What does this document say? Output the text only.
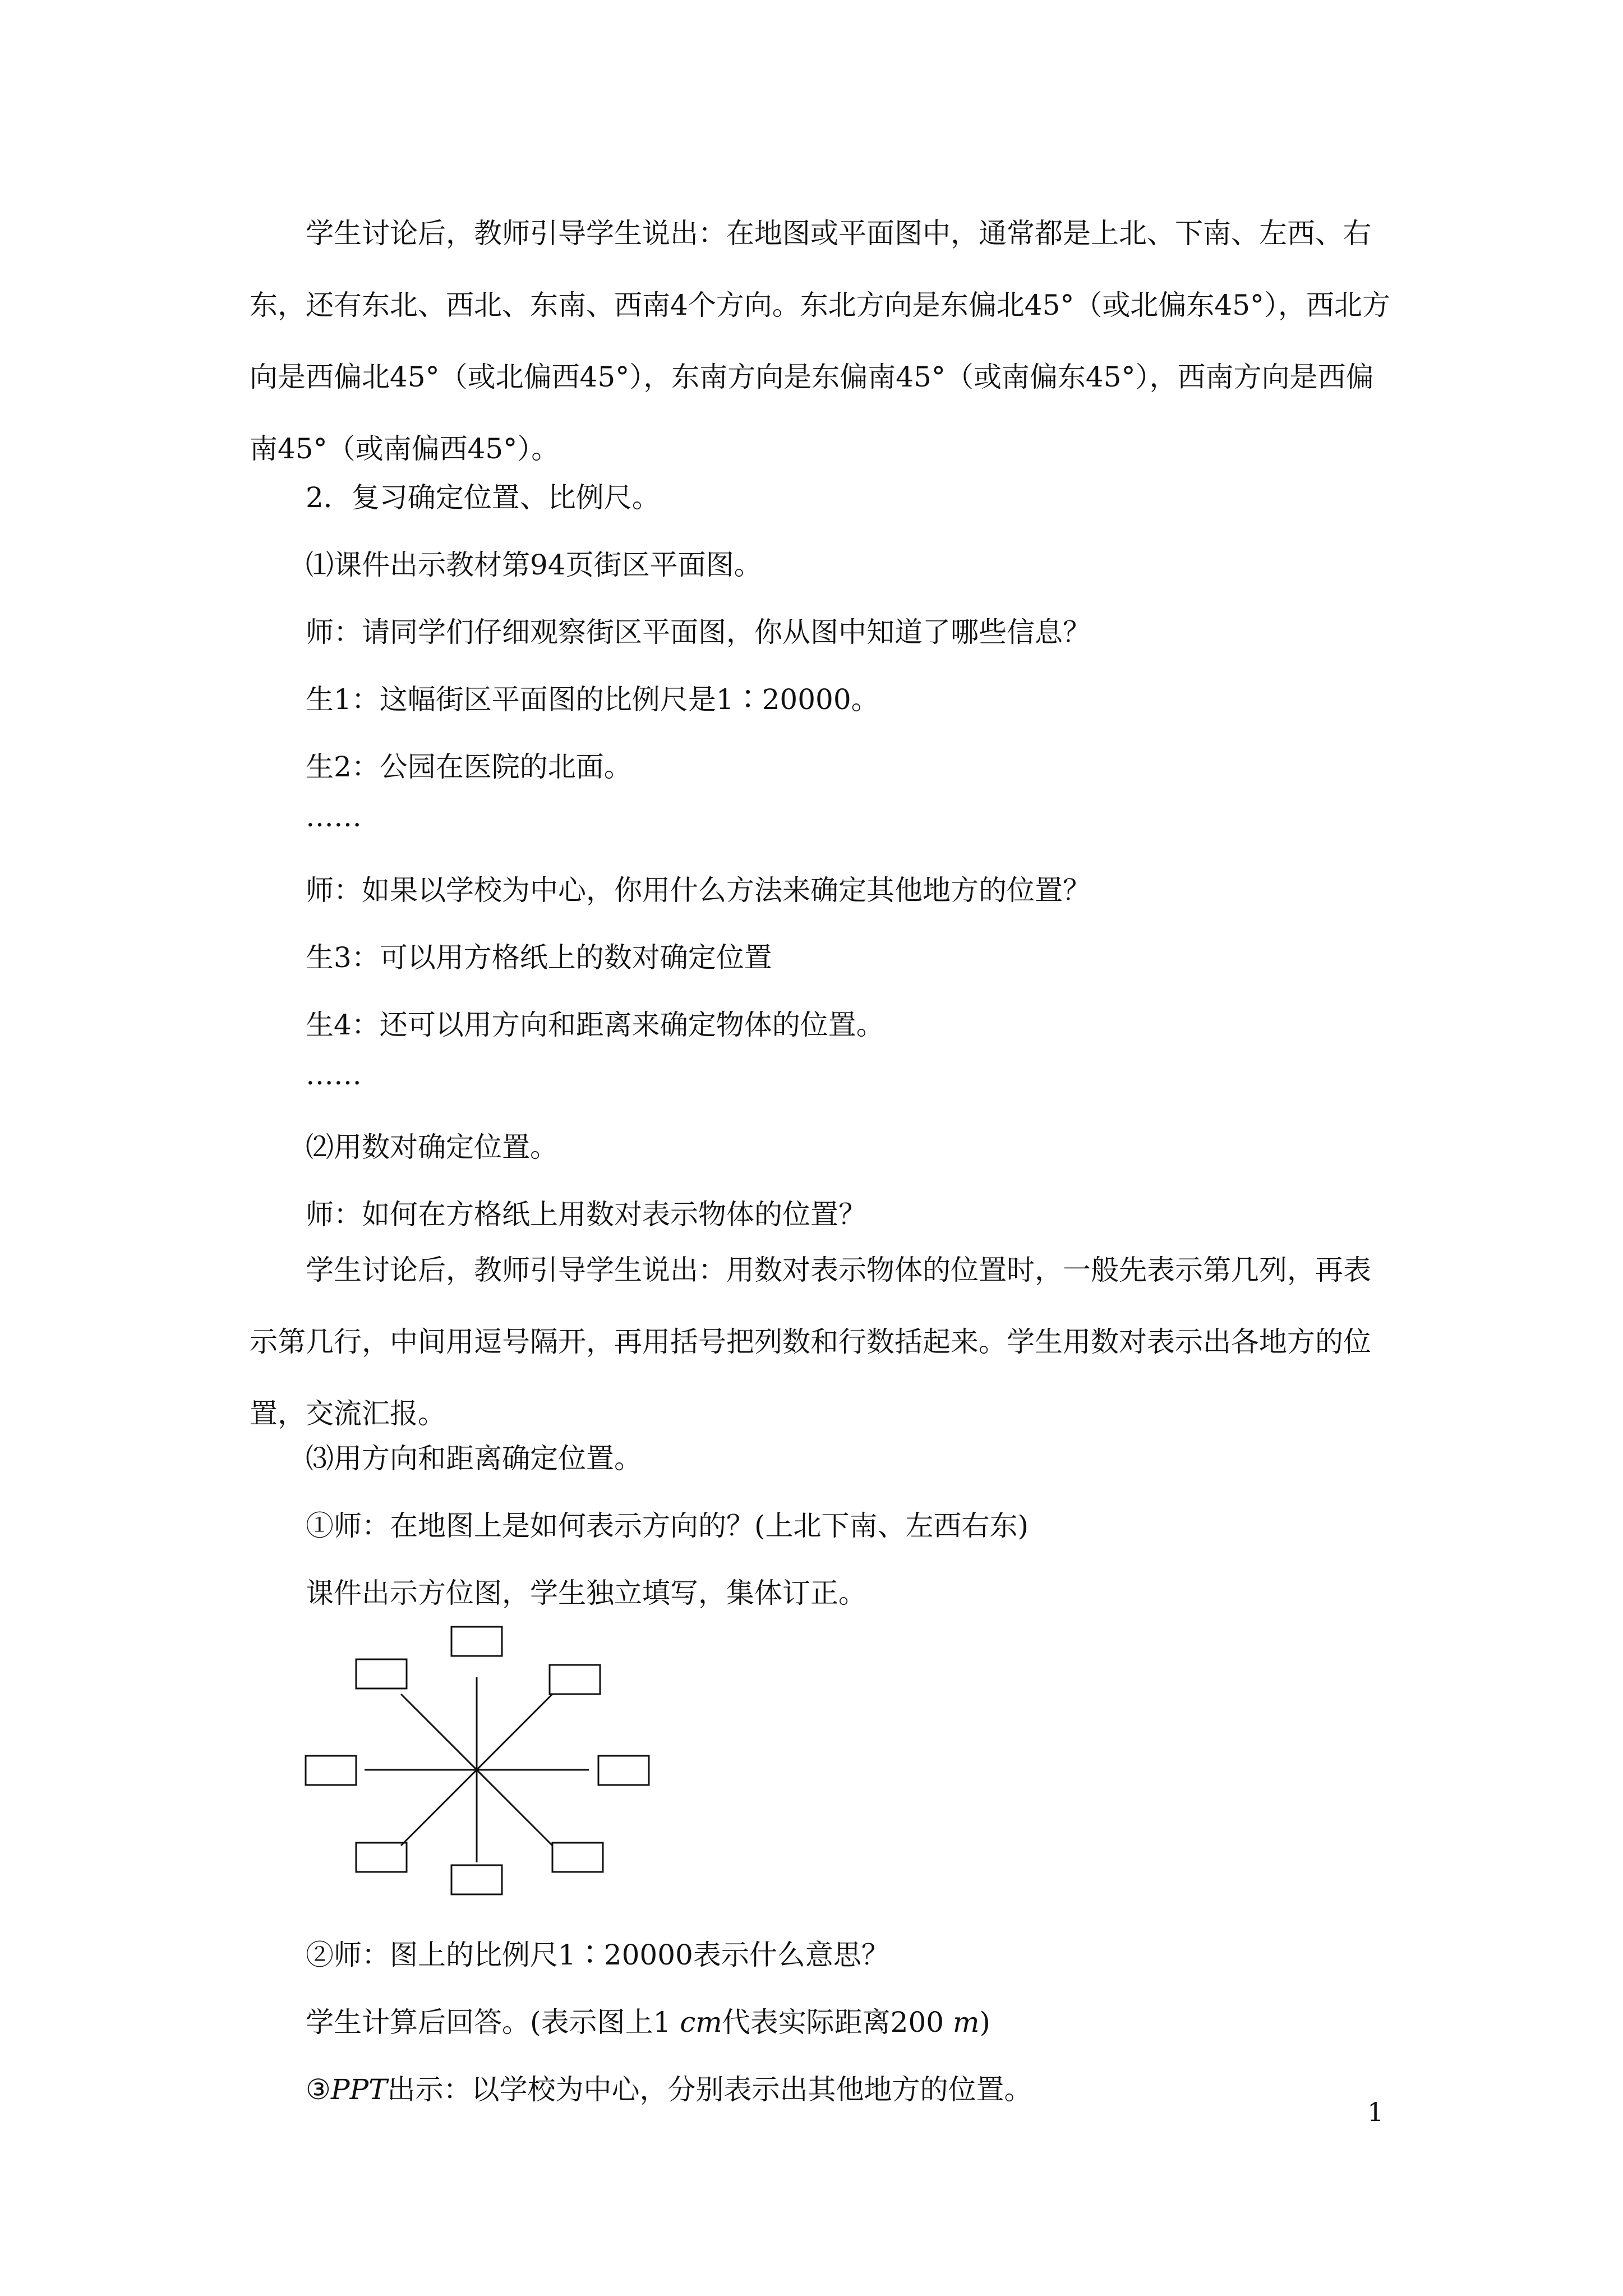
学生讨论后，教师引导学生说出：在地图或平面图中，通常都是上北、下南、左西、右东，还有东北、西北、东南、西南4个方向。东北方向是东偏北45°（或北偏东45°），西北方向是西偏北45°（或北偏西45°），东南方向是东偏南45°（或南偏东45°），西南方向是西偏南45°（或南偏西45°）。

2．复习确定位置、比例尺。

⑴课件出示教材第94页街区平面图。

师：请同学们仔细观察街区平面图，你从图中知道了哪些信息？

生1：这幅街区平面图的比例尺是1∶20000。

生2：公园在医院的北面。

……

师：如果以学校为中心，你用什么方法来确定其他地方的位置？

生3：可以用方格纸上的数对确定位置

生4：还可以用方向和距离来确定物体的位置。

……

⑵用数对确定位置。

师：如何在方格纸上用数对表示物体的位置？

学生讨论后，教师引导学生说出：用数对表示物体的位置时，一般先表示第几列，再表示第几行，中间用逗号隔开，再用括号把列数和行数括起来。学生用数对表示出各地方的位置，交流汇报。

⑶用方向和距离确定位置。

①师：在地图上是如何表示方向的？(上北下南、左西右东)

课件出示方位图，学生独立填写，集体订正。

②师：图上的比例尺1∶20000表示什么意思？

学生计算后回答。(表示图上1 cm代表实际距离200 m)

③PPT出示：以学校为中心，分别表示出其他地方的位置。

1
